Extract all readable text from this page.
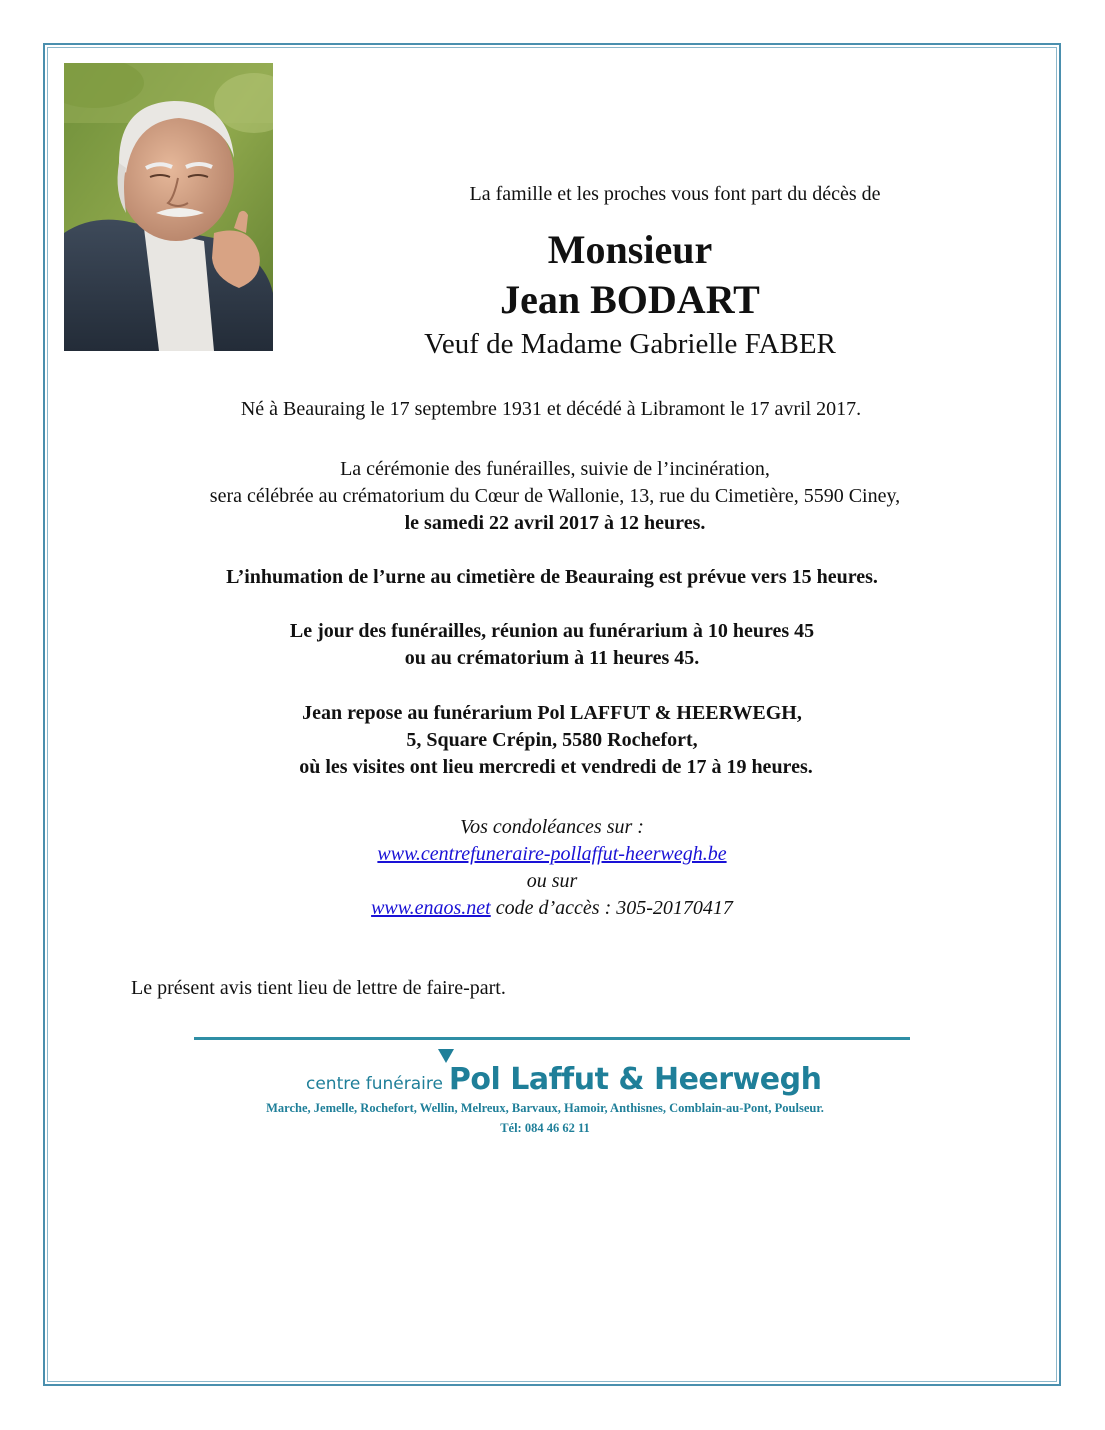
La famille et les proches vous font part du décès de
Monsieur
Jean BODART
Veuf de Madame Gabrielle FABER
Né à Beauraing le 17 septembre 1931 et décédé à Libramont le 17 avril 2017.
La cérémonie des funérailles, suivie de l’incinération,
sera célébrée au crématorium du Cœur de Wallonie, 13, rue du Cimetière, 5590 Ciney,
le samedi 22 avril 2017 à 12 heures.
L’inhumation de l’urne au cimetière de Beauraing est prévue vers 15 heures.
Le jour des funérailles, réunion au funérarium à 10 heures 45
ou au crématorium à 11 heures 45.
Jean repose au funérarium Pol LAFFUT & HEERWEGH,
5, Square Crépin, 5580 Rochefort,
où les visites ont lieu mercredi et vendredi de 17 à 19 heures.
Vos condoléances sur :
www.centrefuneraire-pollaffut-heerwegh.be
ou sur
www.enaos.net code d’accès : 305-20170417
Le présent avis tient lieu de lettre de faire-part.
centre funéraire Pol Laffut & Heerwegh
Marche, Jemelle, Rochefort, Wellin, Melreux, Barvaux, Hamoir, Anthisnes, Comblain-au-Pont, Poulseur.
Tél: 084 46 62 11
